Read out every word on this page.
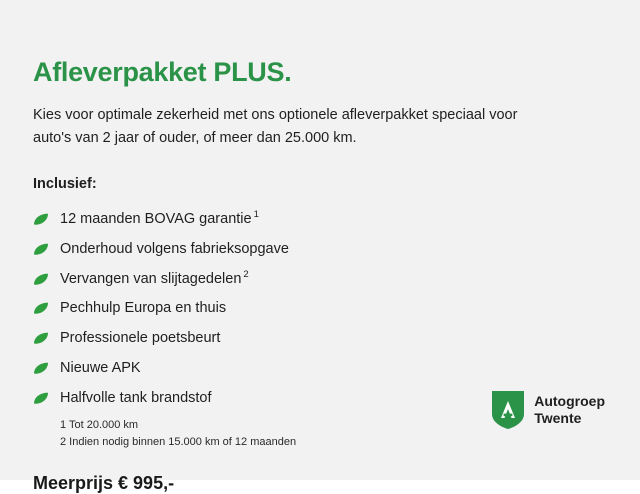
Afleverpakket PLUS.

Kies voor optimale zekerheid met ons optionele afleverpakket speciaal voor auto's van 2 jaar of ouder, of meer dan 25.000 km.

Inclusief:
12 maanden BOVAG garantie $^1$
Onderhoud volgens fabrieksopgave
Vervangen van slijtagedelen $^2$
Pechhulp Europa en thuis
Professionele poetsbeurt
Nieuwe APK
Halfvolle tank brandstof
1 Tot 20.000 km
2 Indien nodig binnen 15.000 km of 12 maanden
Meerprijs € 995,-
Autogroep
Twente
